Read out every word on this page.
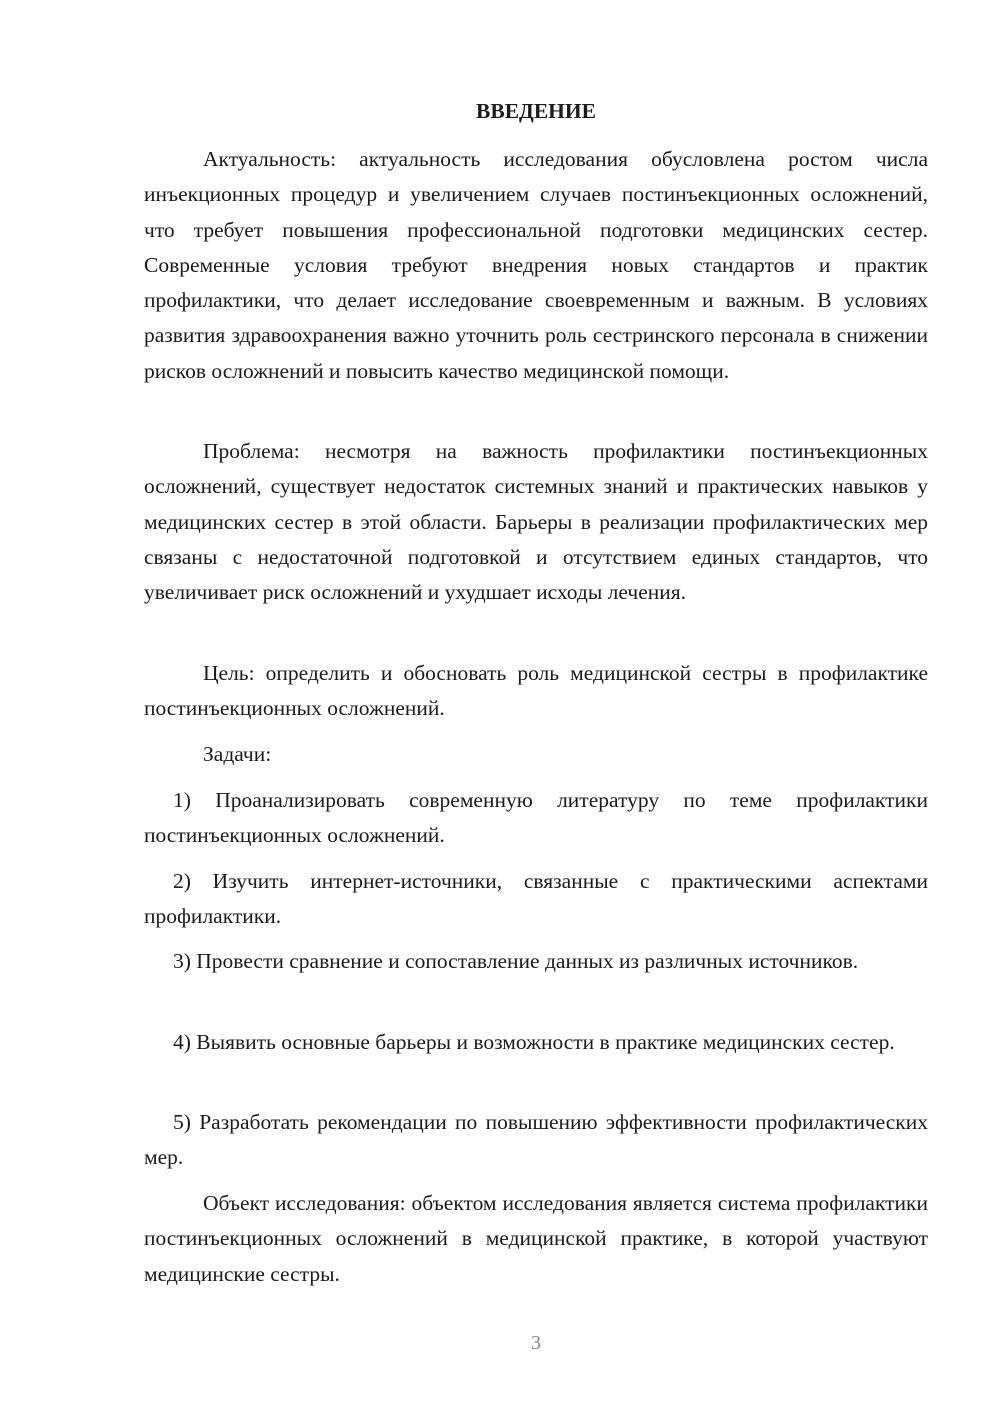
ВВЕДЕНИЕ

Актуальность: актуальность исследования обусловлена ростом числа инъекционных процедур и увеличением случаев постинъекционных осложнений, что требует повышения профессиональной подготовки медицинских сестер. Современные условия требуют внедрения новых стандартов и практик профилактики, что делает исследование своевременным и важным. В условиях развития здравоохранения важно уточнить роль сестринского персонала в снижении рисков осложнений и повысить качество медицинской помощи.

Проблема: несмотря на важность профилактики постинъекционных осложнений, существует недостаток системных знаний и практических навыков у медицинских сестер в этой области. Барьеры в реализации профилактических мер связаны с недостаточной подготовкой и отсутствием единых стандартов, что увеличивает риск осложнений и ухудшает исходы лечения.

Цель: определить и обосновать роль медицинской сестры в профилактике постинъекционных осложнений.

Задачи:

1) Проанализировать современную литературу по теме профилактики постинъекционных осложнений.

2) Изучить интернет-источники, связанные с практическими аспектами профилактики.

3) Провести сравнение и сопоставление данных из различных источников.

4) Выявить основные барьеры и возможности в практике медицинских сестер.

5) Разработать рекомендации по повышению эффективности профилактических мер.

Объект исследования: объектом исследования является система профилактики постинъекционных осложнений в медицинской практике, в которой участвуют медицинские сестры.

3
